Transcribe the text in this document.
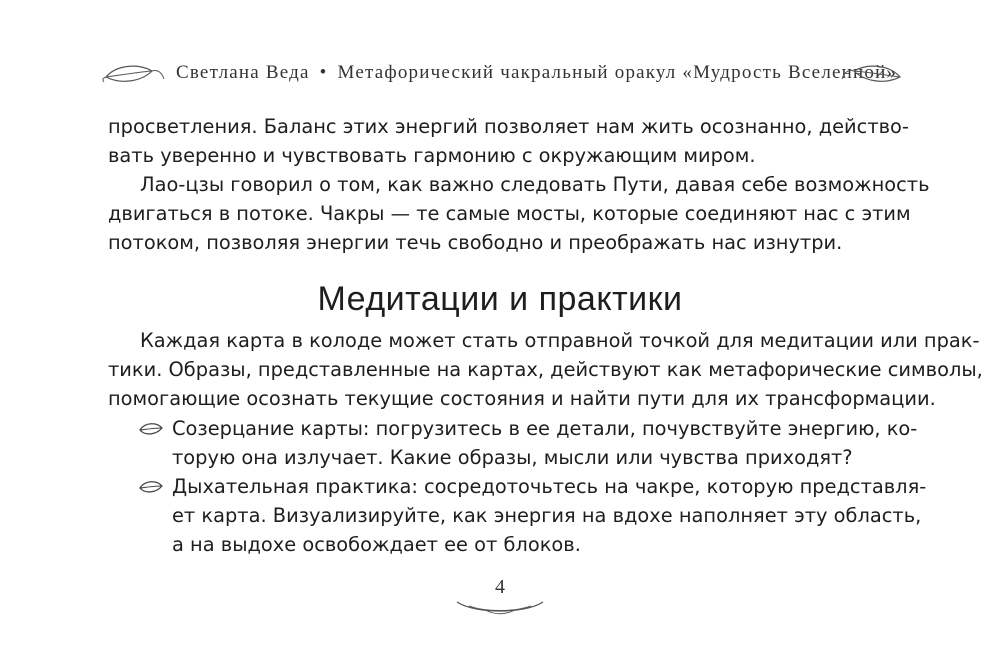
Светлана Веда • Метафорический чакральный оракул «Мудрость Вселенной»

просветления. Баланс этих энергий позволяет нам жить осознанно, действо-
вать уверенно и чувствовать гармонию с окружающим миром.

Лао-цзы говорил о том, как важно следовать Пути, давая себе возможность
двигаться в потоке. Чакры — те самые мосты, которые соединяют нас с этим
потоком, позволяя энергии течь свободно и преображать нас изнутри.

Медитации и практики

Каждая карта в колоде может стать отправной точкой для медитации или прак-
тики. Образы, представленные на картах, действуют как метафорические символы,
помогающие осознать текущие состояния и найти пути для их трансформации.

Созерцание карты: погрузитесь в ее детали, почувствуйте энергию, ко-
торую она излучает. Какие образы, мысли или чувства приходят?
Дыхательная практика: сосредоточьтесь на чакре, которую представля-
ет карта. Визуализируйте, как энергия на вдохе наполняет эту область,
а на выдохе освобождает ее от блоков.
4
